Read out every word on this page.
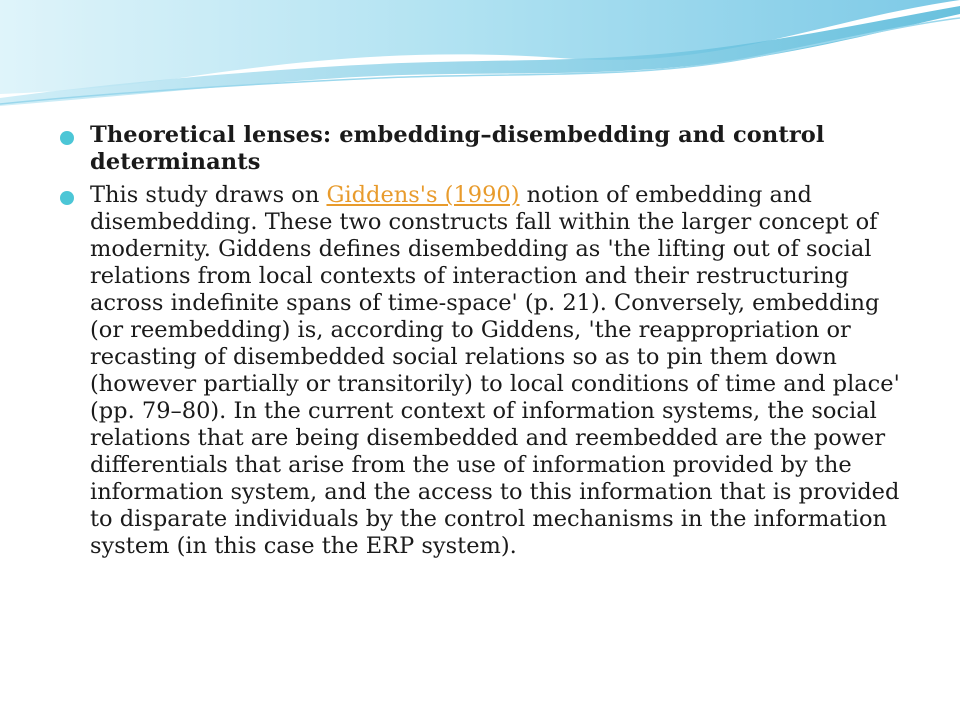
Theoretical lenses: embedding–disembedding and control determinants
This study draws on Giddens's (1990) notion of embedding and disembedding. These two constructs fall within the larger concept of modernity. Giddens defines disembedding as 'the lifting out of social relations from local contexts of interaction and their restructuring across indefinite spans of time-space' (p. 21). Conversely, embedding (or reembedding) is, according to Giddens, 'the reappropriation or recasting of disembedded social relations so as to pin them down (however partially or transitorily) to local conditions of time and place' (pp. 79–80). In the current context of information systems, the social relations that are being disembedded and reembedded are the power differentials that arise from the use of information provided by the information system, and the access to this information that is provided to disparate individuals by the control mechanisms in the information system (in this case the ERP system).
